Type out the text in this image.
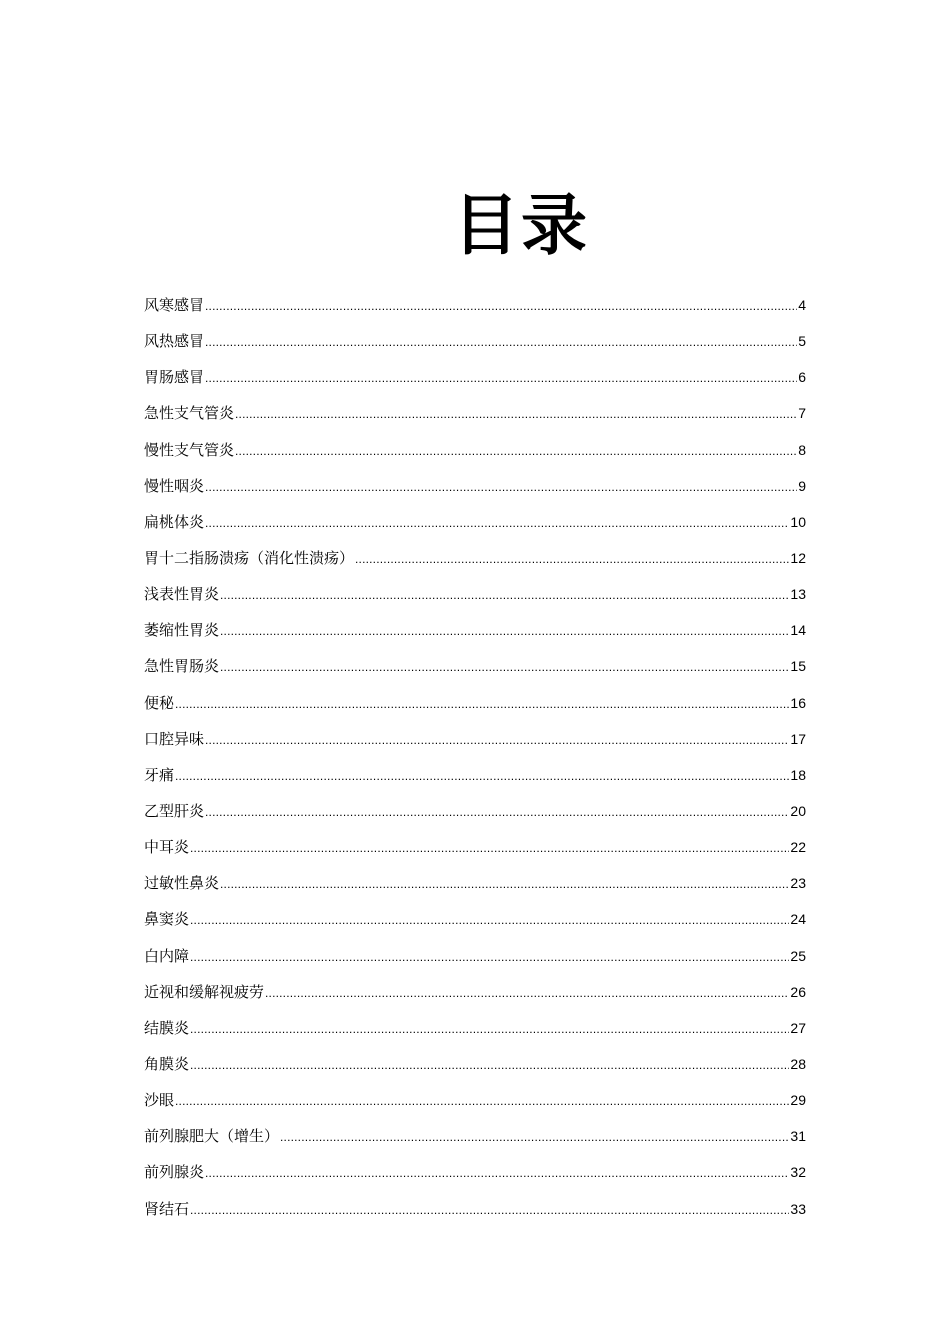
目录
风寒感冒 .....	4
风热感冒 .....	5
胃肠感冒 .....	6
急性支气管炎 .....	7
慢性支气管炎 .....	8
慢性咽炎 .....	9
扁桃体炎 .....	10
胃十二指肠溃疡（消化性溃疡） .....	12
浅表性胃炎 .....	13
萎缩性胃炎 .....	14
急性胃肠炎 .....	15
便秘 .....	16
口腔异味 .....	17
牙痛 .....	18
乙型肝炎 .....	20
中耳炎 .....	22
过敏性鼻炎 .....	23
鼻窦炎 .....	24
白内障 .....	25
近视和缓解视疲劳 .....	26
结膜炎 .....	27
角膜炎 .....	28
沙眼 .....	29
前列腺肥大（增生） .....	31
前列腺炎 .....	32
肾结石 .....	33
